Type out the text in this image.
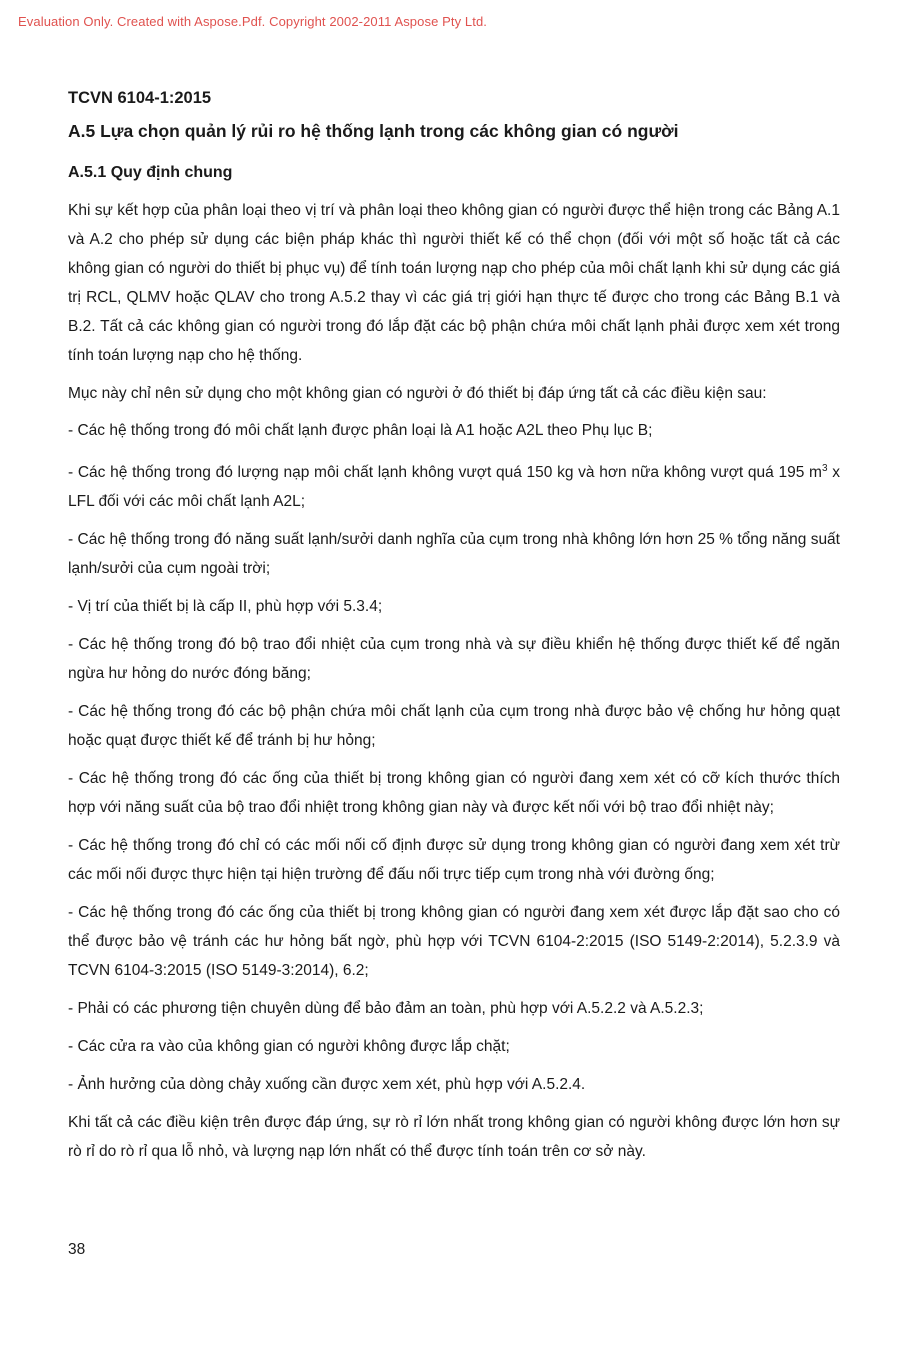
Evaluation Only. Created with Aspose.Pdf. Copyright 2002-2011 Aspose Pty Ltd.
TCVN 6104-1:2015
A.5 Lựa chọn quản lý rủi ro hệ thống lạnh trong các không gian có người
A.5.1 Quy định chung

Khi sự kết hợp của phân loại theo vị trí và phân loại theo không gian có người được thể hiện trong các Bảng A.1 và A.2 cho phép sử dụng các biện pháp khác thì người thiết kế có thể chọn (đối với một số hoặc tất cả các không gian có người do thiết bị phục vụ) để tính toán lượng nạp cho phép của môi chất lạnh khi sử dụng các giá trị RCL, QLMV hoặc QLAV cho trong A.5.2 thay vì các giá trị giới hạn thực tế được cho trong các Bảng B.1 và B.2. Tất cả các không gian có người trong đó lắp đặt các bộ phận chứa môi chất lạnh phải được xem xét trong tính toán lượng nạp cho hệ thống.

Mục này chỉ nên sử dụng cho một không gian có người ở đó thiết bị đáp ứng tất cả các điều kiện sau:

- Các hệ thống trong đó môi chất lạnh được phân loại là A1 hoặc A2L theo Phụ lục B;

- Các hệ thống trong đó lượng nạp môi chất lạnh không vượt quá 150 kg và hơn nữa không vượt quá 195 $m^3$ x LFL đối với các môi chất lạnh A2L;

- Các hệ thống trong đó năng suất lạnh/sưởi danh nghĩa của cụm trong nhà không lớn hơn 25 % tổng năng suất lạnh/sưởi của cụm ngoài trời;

- Vị trí của thiết bị là cấp II, phù hợp với 5.3.4;

- Các hệ thống trong đó bộ trao đổi nhiệt của cụm trong nhà và sự điều khiển hệ thống được thiết kế để ngăn ngừa hư hỏng do nước đóng băng;

- Các hệ thống trong đó các bộ phận chứa môi chất lạnh của cụm trong nhà được bảo vệ chống hư hỏng quạt hoặc quạt được thiết kế để tránh bị hư hỏng;

- Các hệ thống trong đó các ống của thiết bị trong không gian có người đang xem xét có cỡ kích thước thích hợp với năng suất của bộ trao đổi nhiệt trong không gian này và được kết nối với bộ trao đổi nhiệt này;

- Các hệ thống trong đó chỉ có các mối nối cố định được sử dụng trong không gian có người đang xem xét trừ các mối nối được thực hiện tại hiện trường để đấu nối trực tiếp cụm trong nhà với đường ống;

- Các hệ thống trong đó các ống của thiết bị trong không gian có người đang xem xét được lắp đặt sao cho có thể được bảo vệ tránh các hư hỏng bất ngờ, phù hợp với TCVN 6104-2:2015 (ISO 5149-2:2014), 5.2.3.9 và TCVN 6104-3:2015 (ISO 5149-3:2014), 6.2;

- Phải có các phương tiện chuyên dùng để bảo đảm an toàn, phù hợp với A.5.2.2 và A.5.2.3;

- Các cửa ra vào của không gian có người không được lắp chặt;

- Ảnh hưởng của dòng chảy xuống cần được xem xét, phù hợp với A.5.2.4.

Khi tất cả các điều kiện trên được đáp ứng, sự rò rỉ lớn nhất trong không gian có người không được lớn hơn sự rò rỉ do rò rỉ qua lỗ nhỏ, và lượng nạp lớn nhất có thể được tính toán trên cơ sở này.

38
